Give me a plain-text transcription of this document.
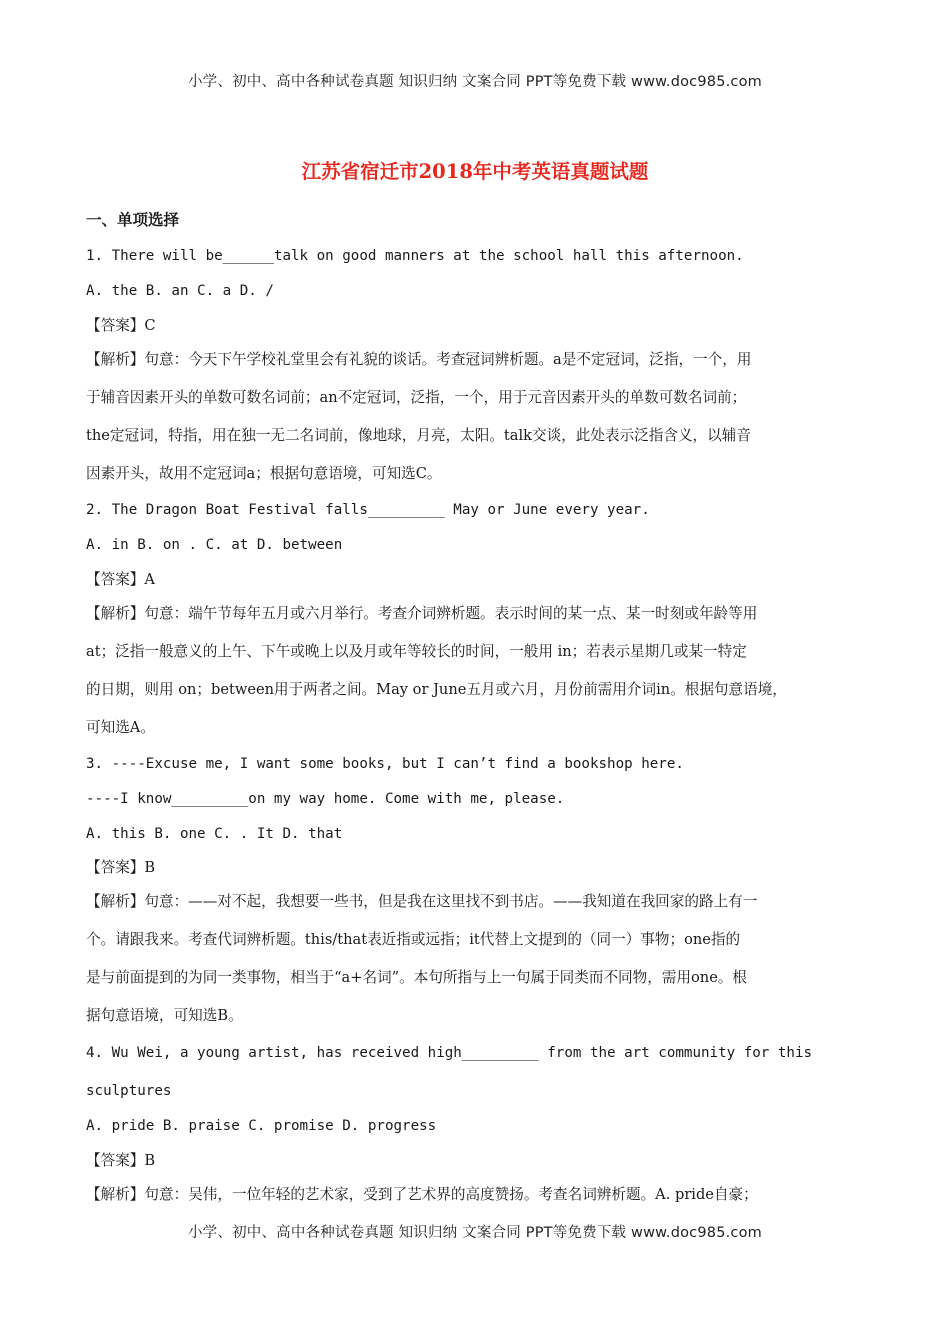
小学、初中、高中各种试卷真题 知识归纳 文案合同 PPT等免费下载 www.doc985.com
江苏省宿迁市2018年中考英语真题试题
一、单项选择
1. There will be______talk on good manners at the school hall this afternoon.
A. the B. an C. a D. /
【答案】C
【解析】句意：今天下午学校礼堂里会有礼貌的谈话。考查冠词辨析题。a是不定冠词，泛指，一个，用
于辅音因素开头的单数可数名词前；an不定冠词，泛指，一个，用于元音因素开头的单数可数名词前；
the定冠词，特指，用在独一无二名词前，像地球，月亮，太阳。talk交谈，此处表示泛指含义，以辅音
因素开头，故用不定冠词a；根据句意语境，可知选C。
2. The Dragon Boat Festival falls_________ May or June every year.
A. in B. on . C. at D. between
【答案】A
【解析】句意：端午节每年五月或六月举行。考查介词辨析题。表示时间的某一点、某一时刻或年龄等用
at；泛指一般意义的上午、下午或晚上以及月或年等较长的时间，一般用 in；若表示星期几或某一特定
的日期，则用 on；between用于两者之间。May or June五月或六月，月份前需用介词in。根据句意语境，
可知选A。
3. ----Excuse me, I want some books, but I can’t find a bookshop here.
----I know_________on my way home. Come with me, please.
A. this B. one C. . It D. that
【答案】B
【解析】句意：——对不起，我想要一些书，但是我在这里找不到书店。——我知道在我回家的路上有一
个。请跟我来。考查代词辨析题。this/that表近指或远指；it代替上文提到的（同一）事物；one指的
是与前面提到的为同一类事物，相当于“a+名词”。本句所指与上一句属于同类而不同物，需用one。根
据句意语境，可知选B。
4. Wu Wei, a young artist, has received high_________ from the art community for this
sculptures
A. pride B. praise C. promise D. progress
【答案】B
【解析】句意：吴伟，一位年轻的艺术家，受到了艺术界的高度赞扬。考查名词辨析题。A. pride自豪；
小学、初中、高中各种试卷真题 知识归纳 文案合同 PPT等免费下载 www.doc985.com
